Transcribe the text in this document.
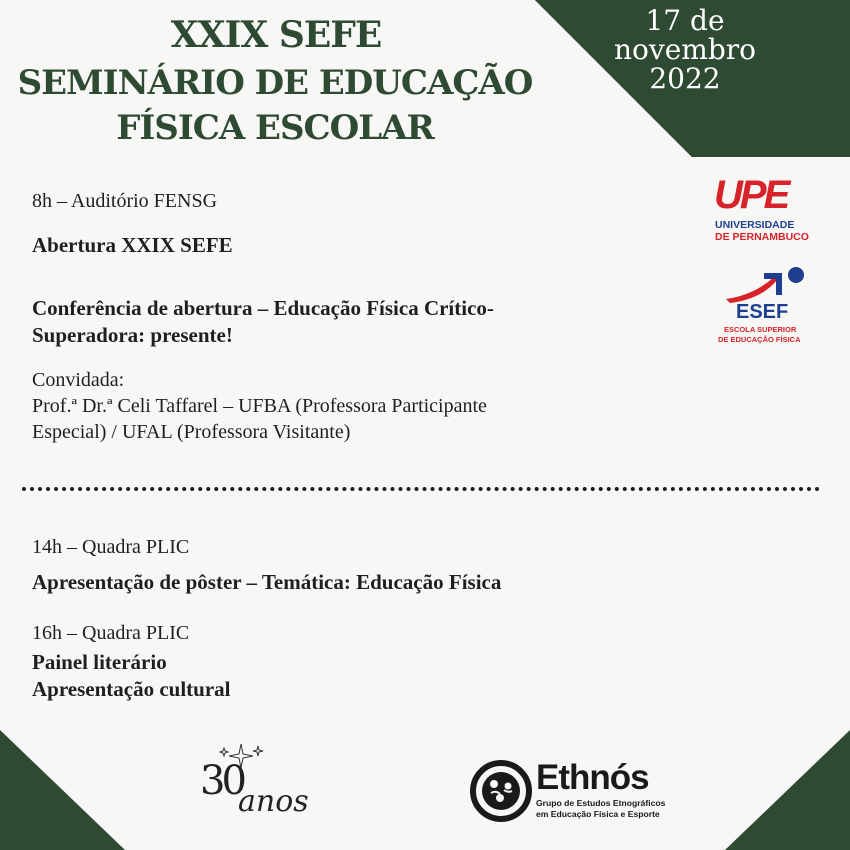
XXIX SEFE
SEMINÁRIO DE EDUCAÇÃO
FÍSICA ESCOLAR
17 de
novembro
2022
8h – Auditório FENSG
Abertura XXIX SEFE
Conferência de abertura – Educação Física Crítico-
Superadora: presente!
Convidada:
Prof.ª Dr.ª Celi Taffarel – UFBA (Professora Participante
Especial) / UFAL (Professora Visitante)
14h – Quadra PLIC
Apresentação de pôster – Temática: Educação Física
16h – Quadra PLIC
Painel literário
Apresentação cultural
UPE
UNIVERSIDADE
DE PERNAMBUCO
ESEF
ESCOLA SUPERIOR
DE EDUCAÇÃO FÍSICA
30
anos
Ethnós
Grupo de Estudos Etnográficos
em Educação Física e Esporte
